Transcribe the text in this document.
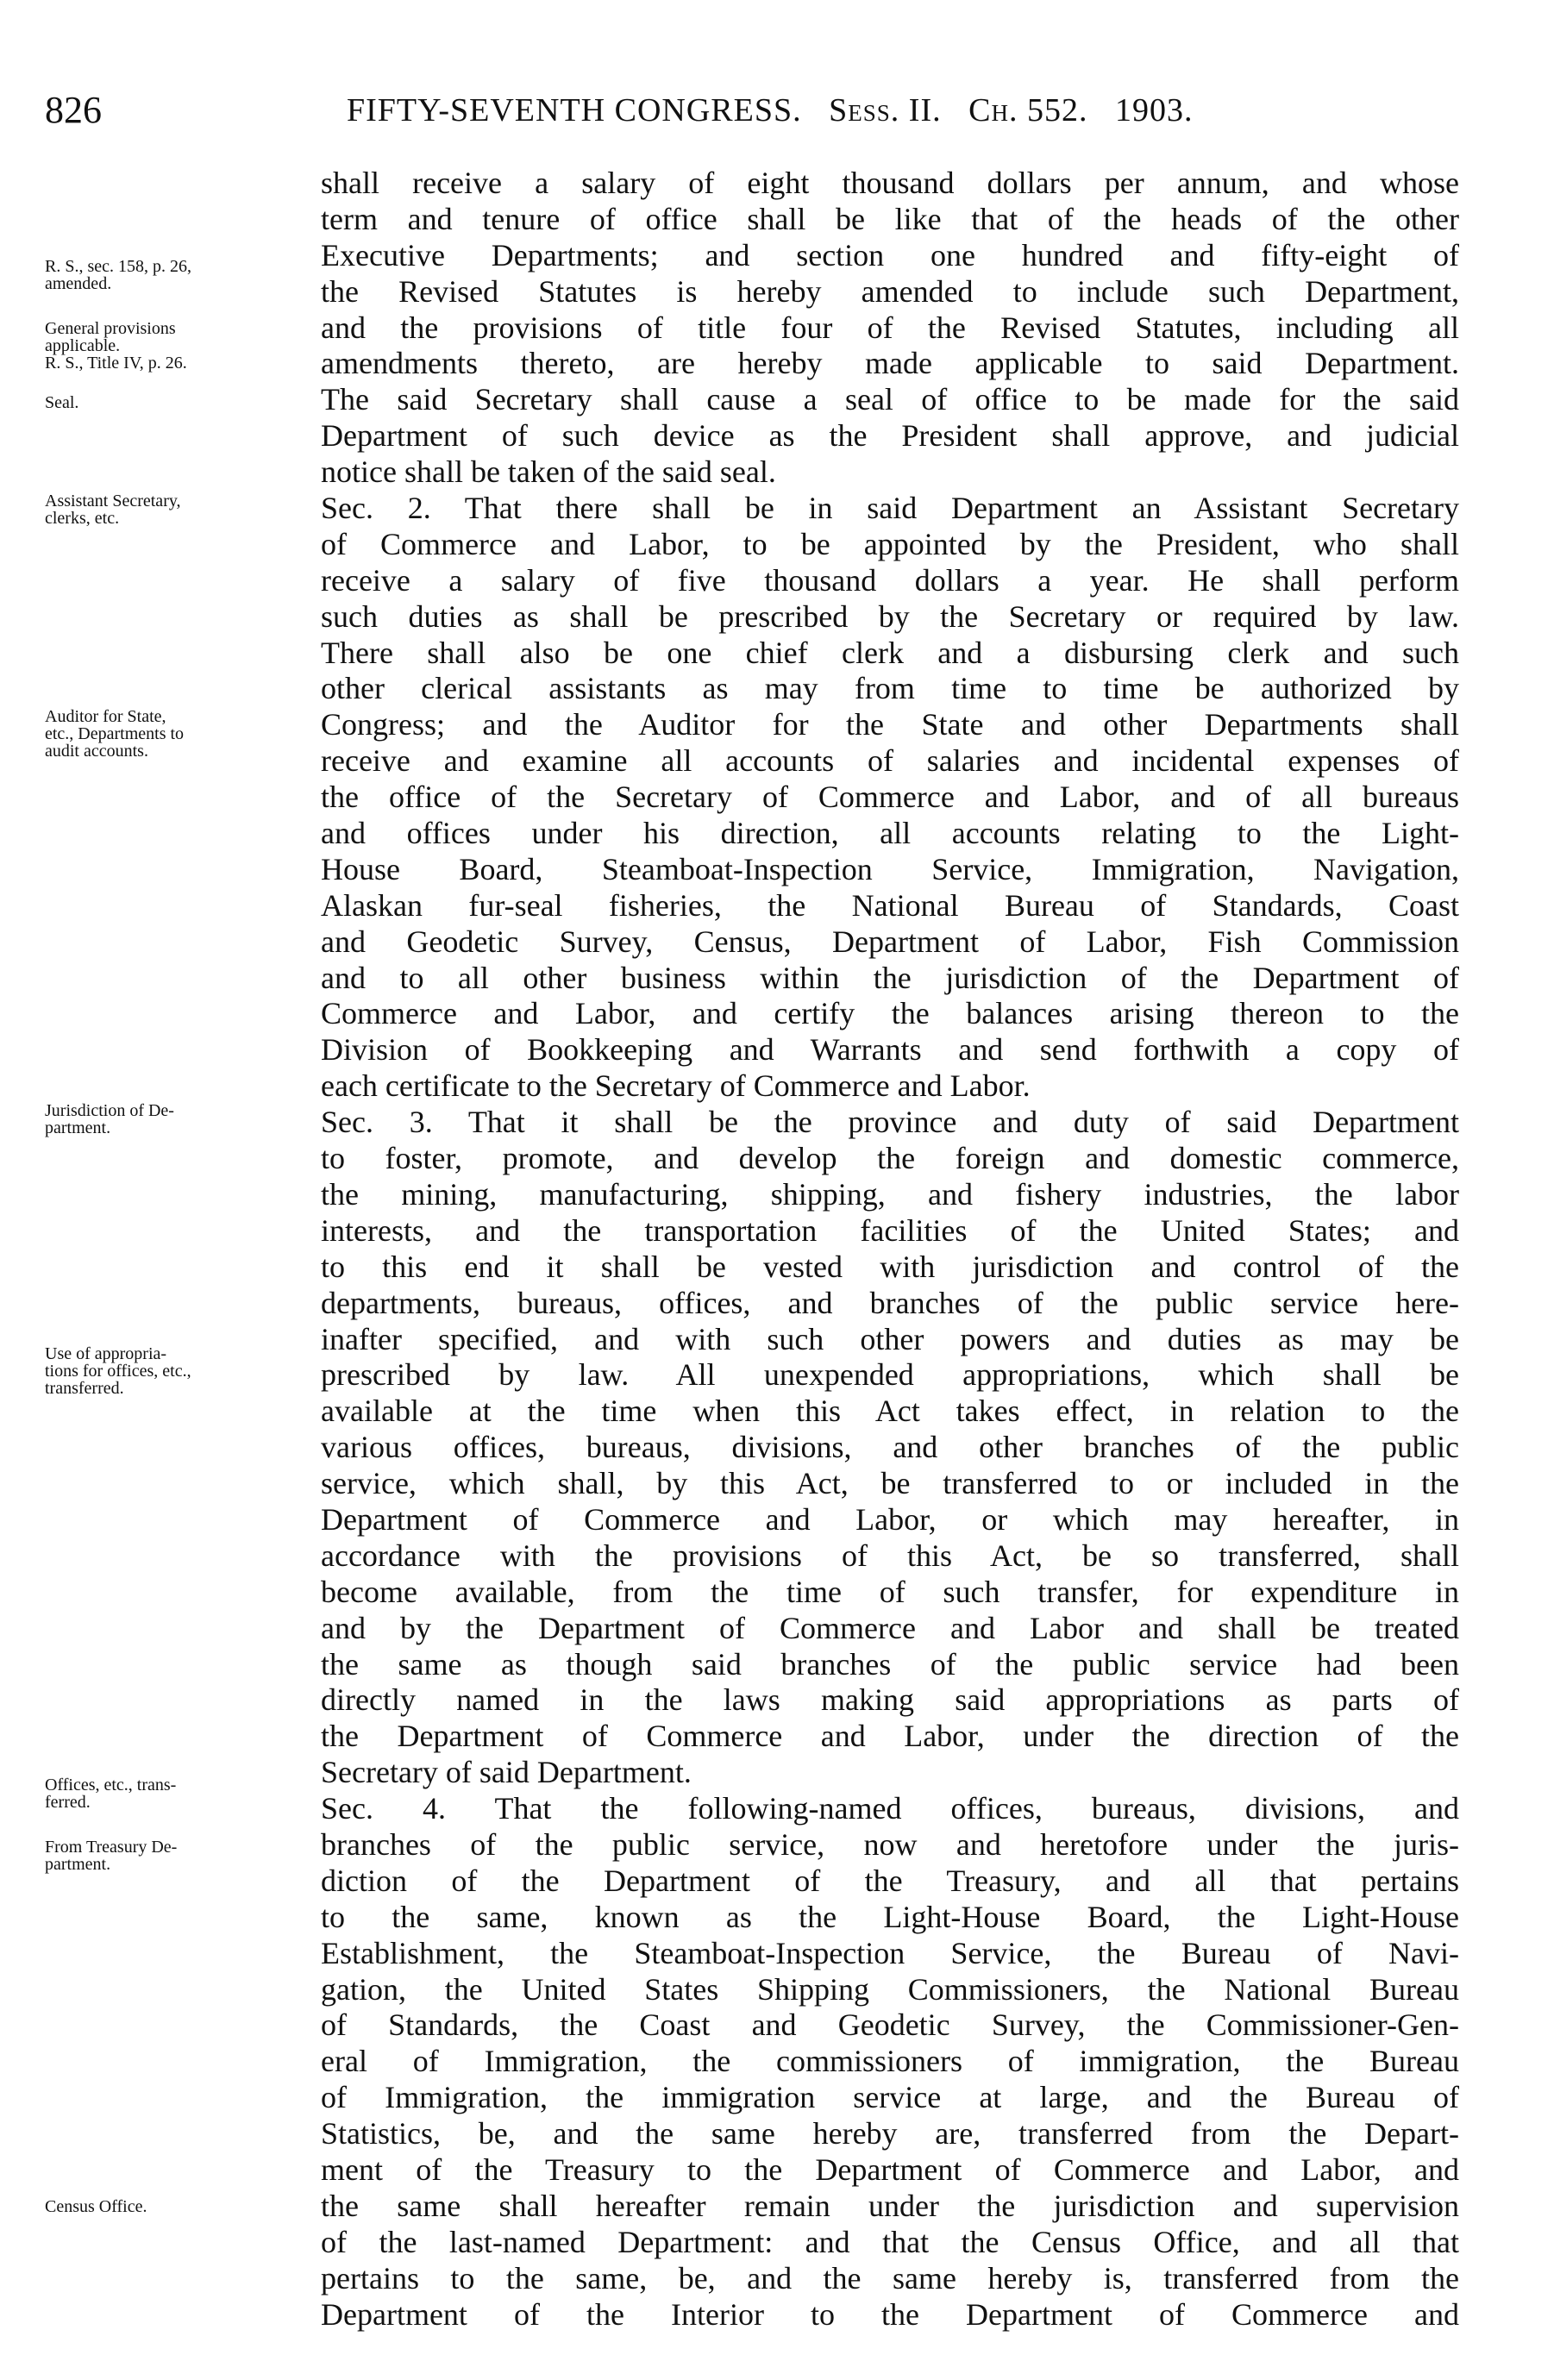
826	FIFTY-SEVENTH CONGRESS. Sess. II. Ch. 552. 1903.
R. S., sec. 158, p. 26,
amended.
General provisions
applicable.
R. S., Title IV, p. 26.
Seal.
Assistant Secretary,
clerks, etc.
Auditor for State,
etc., Departments to
audit accounts.
Jurisdiction of De-
partment.
Use of appropria-
tions for offices, etc.,
transferred.
Offices, etc., trans-
ferred.
From Treasury De-
partment.
Census Office.
shall receive a salary of eight thousand dollars per annum, and whose
term and tenure of office shall be like that of the heads of the other
Executive Departments; and section one hundred and fifty-eight of
the Revised Statutes is hereby amended to include such Department,
and the provisions of title four of the Revised Statutes, including all
amendments thereto, are hereby made applicable to said Department.
The said Secretary shall cause a seal of office to be made for the said
Department of such device as the President shall approve, and judicial
notice shall be taken of the said seal.
Sec. 2. That there shall be in said Department an Assistant Secretary
of Commerce and Labor, to be appointed by the President, who shall
receive a salary of five thousand dollars a year. He shall perform
such duties as shall be prescribed by the Secretary or required by law.
There shall also be one chief clerk and a disbursing clerk and such
other clerical assistants as may from time to time be authorized by
Congress; and the Auditor for the State and other Departments shall
receive and examine all accounts of salaries and incidental expenses of
the office of the Secretary of Commerce and Labor, and of all bureaus
and offices under his direction, all accounts relating to the Light-
House Board, Steamboat-Inspection Service, Immigration, Navigation,
Alaskan fur-seal fisheries, the National Bureau of Standards, Coast
and Geodetic Survey, Census, Department of Labor, Fish Commission
and to all other business within the jurisdiction of the Department of
Commerce and Labor, and certify the balances arising thereon to the
Division of Bookkeeping and Warrants and send forthwith a copy of
each certificate to the Secretary of Commerce and Labor.
Sec. 3. That it shall be the province and duty of said Department
to foster, promote, and develop the foreign and domestic commerce,
the mining, manufacturing, shipping, and fishery industries, the labor
interests, and the transportation facilities of the United States; and
to this end it shall be vested with jurisdiction and control of the
departments, bureaus, offices, and branches of the public service here-
inafter specified, and with such other powers and duties as may be
prescribed by law. All unexpended appropriations, which shall be
available at the time when this Act takes effect, in relation to the
various offices, bureaus, divisions, and other branches of the public
service, which shall, by this Act, be transferred to or included in the
Department of Commerce and Labor, or which may hereafter, in
accordance with the provisions of this Act, be so transferred, shall
become available, from the time of such transfer, for expenditure in
and by the Department of Commerce and Labor and shall be treated
the same as though said branches of the public service had been
directly named in the laws making said appropriations as parts of
the Department of Commerce and Labor, under the direction of the
Secretary of said Department.
Sec. 4. That the following-named offices, bureaus, divisions, and
branches of the public service, now and heretofore under the juris-
diction of the Department of the Treasury, and all that pertains
to the same, known as the Light-House Board, the Light-House
Establishment, the Steamboat-Inspection Service, the Bureau of Navi-
gation, the United States Shipping Commissioners, the National Bureau
of Standards, the Coast and Geodetic Survey, the Commissioner-Gen-
eral of Immigration, the commissioners of immigration, the Bureau
of Immigration, the immigration service at large, and the Bureau of
Statistics, be, and the same hereby are, transferred from the Depart-
ment of the Treasury to the Department of Commerce and Labor, and
the same shall hereafter remain under the jurisdiction and supervision
of the last-named Department: and that the Census Office, and all that
pertains to the same, be, and the same hereby is, transferred from the
Department of the Interior to the Department of Commerce and
